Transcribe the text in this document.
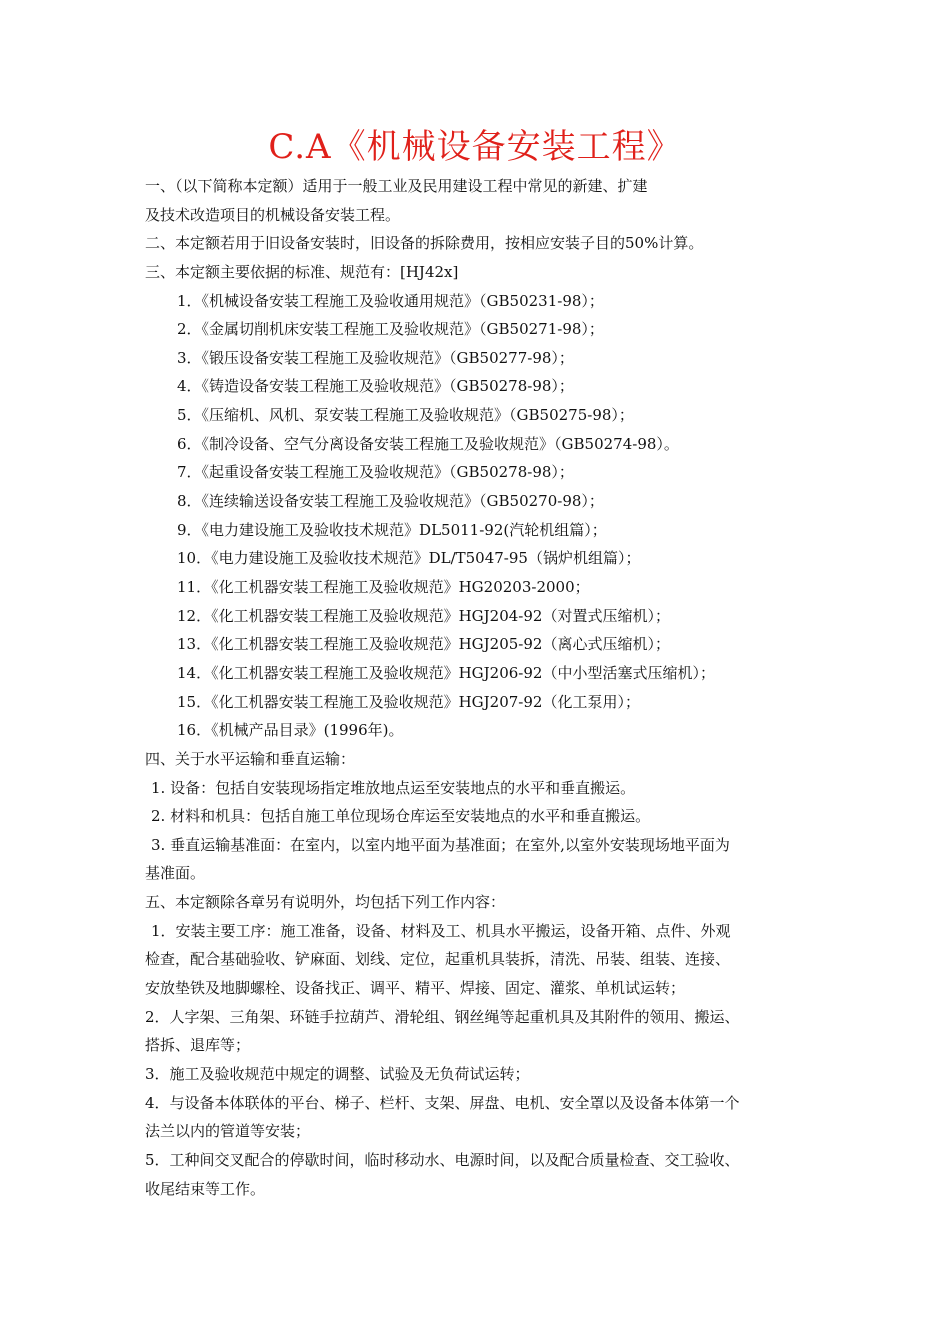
C.A《机械设备安装工程》
一、（以下简称本定额）适用于一般工业及民用建设工程中常见的新建、扩建
及技术改造项目的机械设备安装工程。
二、本定额若用于旧设备安装时，旧设备的拆除费用，按相应安装子目的50%计算。
三、本定额主要依据的标准、规范有：[HJ42x]
1．《机械设备安装工程施工及验收通用规范》（GB50231-98）；
2．《金属切削机床安装工程施工及验收规范》（GB50271-98）；
3．《锻压设备安装工程施工及验收规范》（GB50277-98）；
4．《铸造设备安装工程施工及验收规范》（GB50278-98）；
5．《压缩机、风机、泵安装工程施工及验收规范》（GB50275-98）；
6．《制冷设备、空气分离设备安装工程施工及验收规范》（GB50274-98）。
7．《起重设备安装工程施工及验收规范》（GB50278-98）；
8．《连续输送设备安装工程施工及验收规范》（GB50270-98）；
9．《电力建设施工及验收技术规范》DL5011-92(汽轮机组篇）；
10．《电力建设施工及验收技术规范》DL/T5047-95（锅炉机组篇）；
11．《化工机器安装工程施工及验收规范》HG20203-2000；
12．《化工机器安装工程施工及验收规范》HGJ204-92（对置式压缩机）；
13．《化工机器安装工程施工及验收规范》HGJ205-92（离心式压缩机）；
14．《化工机器安装工程施工及验收规范》HGJ206-92（中小型活塞式压缩机）；
15．《化工机器安装工程施工及验收规范》HGJ207-92（化工泵用）；
16．《机械产品目录》(1996年)。
四、关于水平运输和垂直运输：
1. 设备：包括自安装现场指定堆放地点运至安装地点的水平和垂直搬运。
2. 材料和机具：包括自施工单位现场仓库运至安装地点的水平和垂直搬运。
3. 垂直运输基准面：在室内，以室内地平面为基准面；在室外,以室外安装现场地平面为
基准面。
五、本定额除各章另有说明外，均包括下列工作内容：
1．安装主要工序：施工准备，设备、材料及工、机具水平搬运，设备开箱、点件、外观
检查，配合基础验收、铲麻面、划线、定位，起重机具装拆，清洗、吊装、组装、连接、
安放垫铁及地脚螺栓、设备找正、调平、精平、焊接、固定、灌浆、单机试运转；
2．人字架、三角架、环链手拉葫芦、滑轮组、钢丝绳等起重机具及其附件的领用、搬运、
搭拆、退库等；
3．施工及验收规范中规定的调整、试验及无负荷试运转；
4．与设备本体联体的平台、梯子、栏杆、支架、屏盘、电机、安全罩以及设备本体第一个
法兰以内的管道等安装；
5．工种间交叉配合的停歇时间，临时移动水、电源时间，以及配合质量检查、交工验收、
收尾结束等工作。
